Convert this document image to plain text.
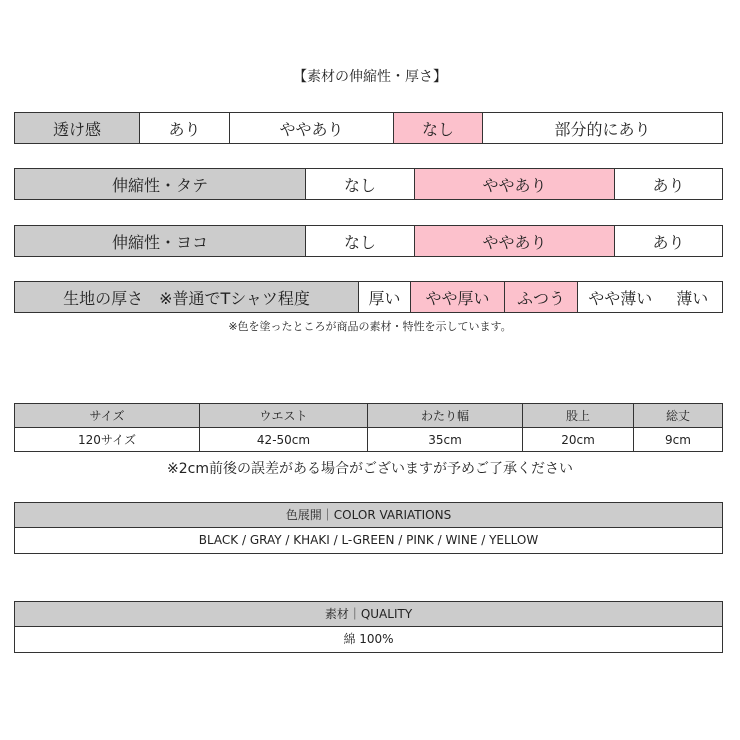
【素材の伸縮性・厚さ】
透け感	あり	ややあり	なし	部分的にあり
伸縮性・タテ	なし	ややあり	あり
伸縮性・ヨコ	なし	ややあり	あり
生地の厚さ　※普通でTシャツ程度	厚い	やや厚い	ふつう	やや薄い	薄い
※色を塗ったところが商品の素材・特性を示しています。
サイズ	ウエスト	わたり幅	股上	総丈
120サイズ	42-50cm	35cm	20cm	9cm
※2cm前後の誤差がある場合がございますが予めご了承ください
色展開｜COLOR VARIATIONS
BLACK / GRAY / KHAKI / L-GREEN / PINK / WINE / YELLOW
素材｜QUALITY
綿 100%
